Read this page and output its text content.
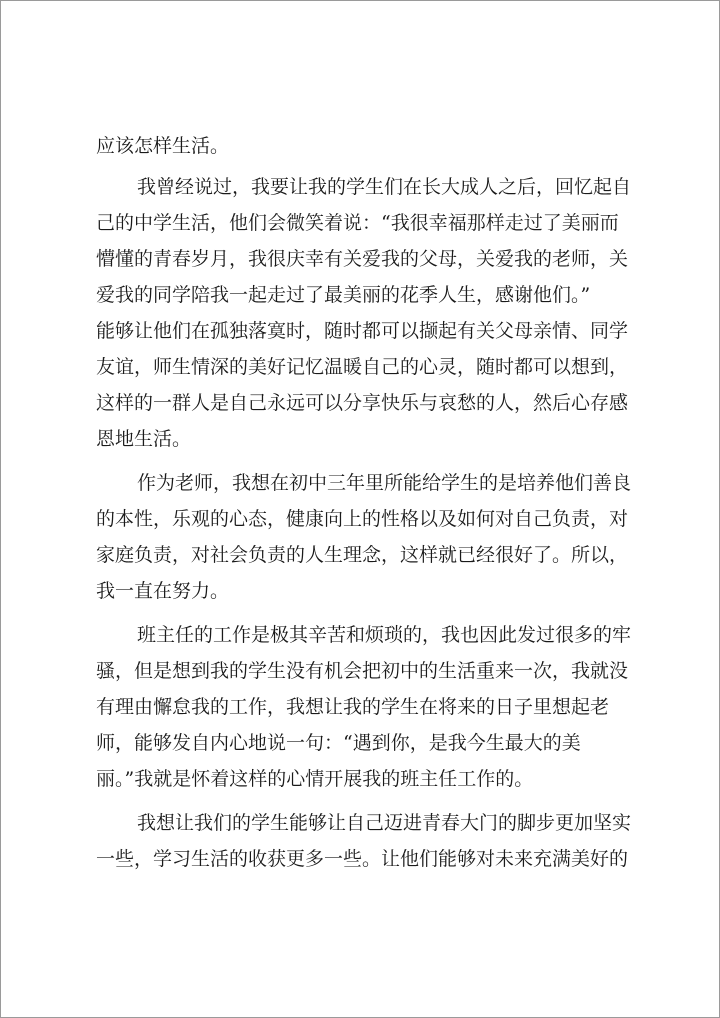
应该怎样生活。
我曾经说过，我要让我的学生们在长大成人之后，回忆起自
己的中学生活，他们会微笑着说：“我很幸福那样走过了美丽而
懵懂的青春岁月，我很庆幸有关爱我的父母，关爱我的老师，关
爱我的同学陪我一起走过了最美丽的花季人生，感谢他们。”
能够让他们在孤独落寞时，随时都可以撷起有关父母亲情、同学
友谊，师生情深的美好记忆温暖自己的心灵，随时都可以想到，
这样的一群人是自己永远可以分享快乐与哀愁的人，然后心存感
恩地生活。
作为老师，我想在初中三年里所能给学生的是培养他们善良
的本性，乐观的心态，健康向上的性格以及如何对自己负责，对
家庭负责，对社会负责的人生理念，这样就已经很好了。所以，
我一直在努力。
班主任的工作是极其辛苦和烦琐的，我也因此发过很多的牢
骚，但是想到我的学生没有机会把初中的生活重来一次，我就没
有理由懈怠我的工作，我想让我的学生在将来的日子里想起老
师，能够发自内心地说一句：“遇到你，是我今生最大的美
丽。”我就是怀着这样的心情开展我的班主任工作的。
我想让我们的学生能够让自己迈进青春大门的脚步更加坚实
一些，学习生活的收获更多一些。让他们能够对未来充满美好的
